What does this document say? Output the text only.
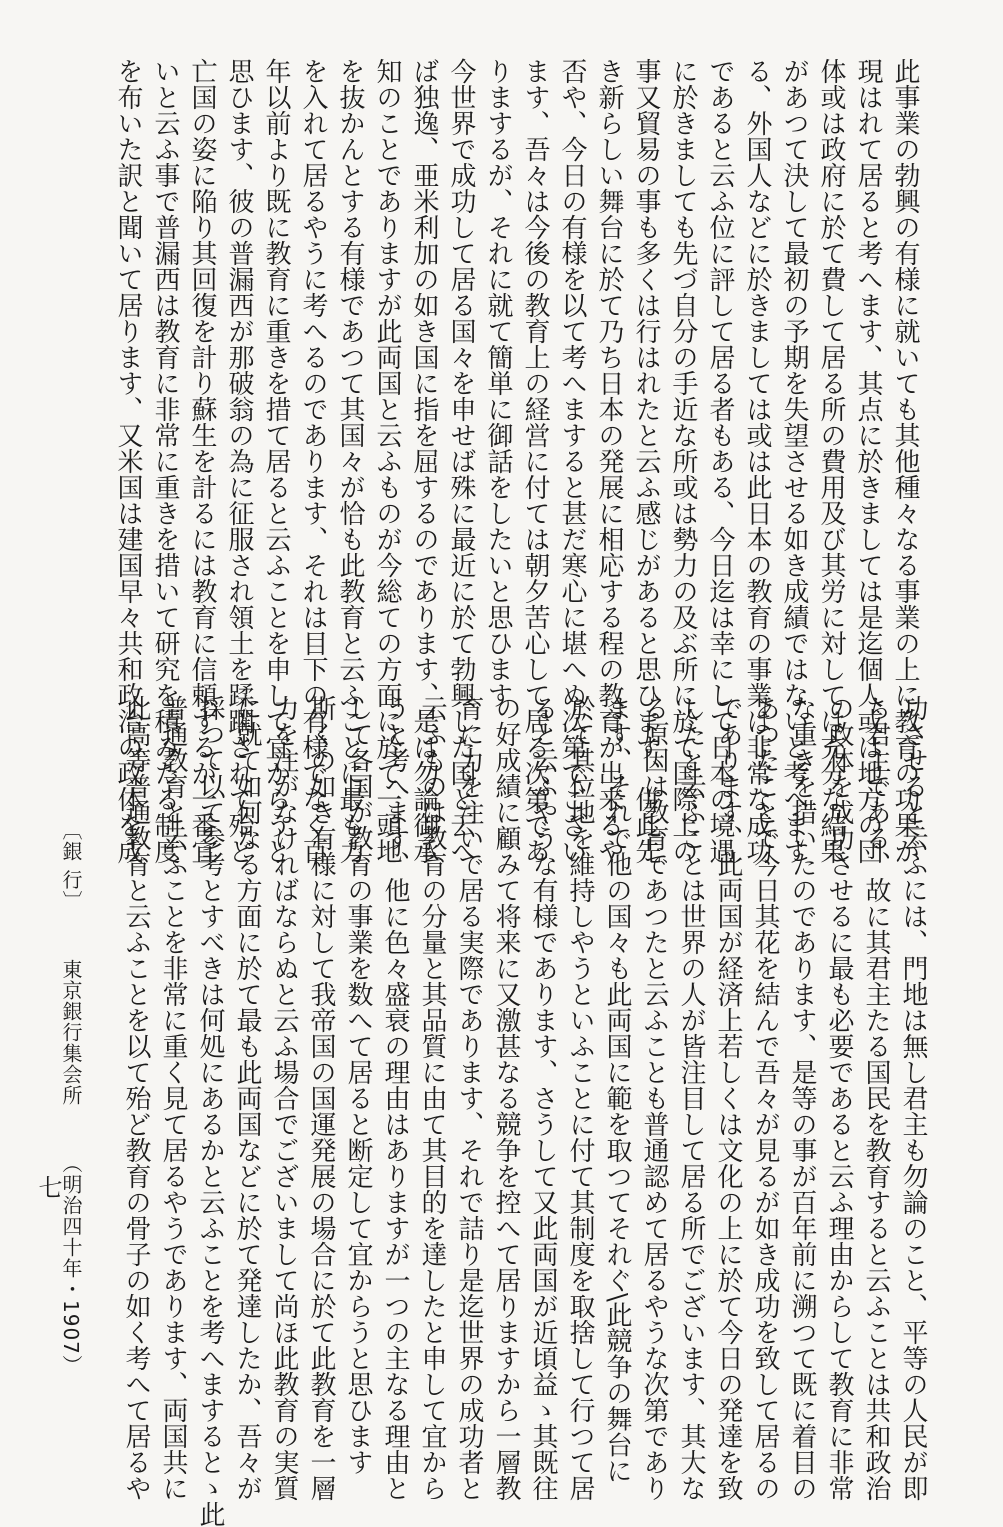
此事業の勃興の有様に就いても其他種々なる事業の上に教育の功果が
現はれて居ると考へます、其点に於きましては是迄個人或は地方の団
体或は政府に於て費して居る所の費用及び其労に対しては充分な結果
があつて決して最初の予期を失望させる如き成績ではないと考へます
る、外国人などに於きましては或は此日本の教育の事業は非常な成功
であると云ふ位に評して居る者もある、今日迄は幸にして日本の境遇
に於きましても先づ自分の手近な所或は勢力の及ぶ所に於て国際上の
事又貿易の事も多くは行はれたと云ふ感じがあると思ひます、併此先
き新らしい舞台に於て乃ち日本の発展に相応する程の教育が出来るや
否や、今日の有様を以て考へますると甚だ寒心に堪へぬ次第でござい
ます、吾々は今後の教育上の経営に付ては朝夕苦心して居る次第であ
りまするが、それに就て簡単に御話をしたいと思ひます
今世界で成功して居る国々を申せば殊に最近に於て勃興した国と云へ
ば独逸、亜米利加の如き国に指を屈するのであります、是は勿論御承
知のことでありますが此両国と云ふものが今総ての方面に於て一頭地
を抜かんとする有様であつて其国々が恰も此教育と云ふことに最も力
を入れて居るやうに考へるのであります、それは目下の有様でなく百
年以前より既に教育に重きを措て居ると云ふことを申して宜からうと
思ひます、彼の普漏西が那破翁の為に征服され領土を蹂躙されて殆ど
亡国の姿に陥り其回復を計り蘇生を計るには教育に信頼するが一番宜
いと云ふ事で普漏西は教育に非常に重きを措いて研究を積みたる制度
を布いた訳と聞いて居ります、又米国は建国早々共和政治の政体を成
功させると云ふには、門地は無し君主も勿論のこと、平等の人民が即
ち君主である、故に其君主たる国民を教育すると云ふことは共和政治
の政体を成功させるに最も必要であると云ふ理由からして教育に非常
な重きを措いたのであります、是等の事が百年前に溯つて既に着目の
あつたことで今日其花を結んで吾々が見るが如き成功を致して居るの
であります、此両国が経済上若しくは文化の上に於て今日の発達を致
したと云ふことは世界の人が皆注目して居る所でございます、其大な
る原因は教育であつたと云ふことも普通認めて居るやうな次第であり
ます、それで他の国々も此両国に範を取つてそれぐ\此競争の舞台に
於て其位地を維持しやうといふことに付て其制度を取捨して行つて居
ると云ふやうな有様であります、さうして又此両国が近頃益ゝ其既往
の好成績に顧みて将来に又激甚なる競争を控へて居りますから一層教
育に力を注いで居る実際であります、それで詰り是迄世界の成功者と
云ふものは教育の分量と其品質に由て其目的を達したと申して宜から
うと考へます、他に色々盛衰の理由はありますが一つの主なる理由と
して各国が教育の事業を数へて居ると断定して宜からうと思ひます
斯くの如き有様に対して我帝国の国運発展の場合に於て此教育を一層
力を注がなければならぬと云ふ場合でございまして尚ほ此教育の実質
に就て如何なる方面に於て最も此両国などに於て発達したか、吾々が
採つて以て参考とすべきは何処にあるかと云ふことを考へまするとゝ此
普通教育と云ふことを非常に重く見て居るやうであります、両国共に
此高等普通教育と云ふことを以て殆ど教育の骨子の如く考へて居るや
〔銀 行〕 東京銀行集会所 （明治四十年・1907）
七
